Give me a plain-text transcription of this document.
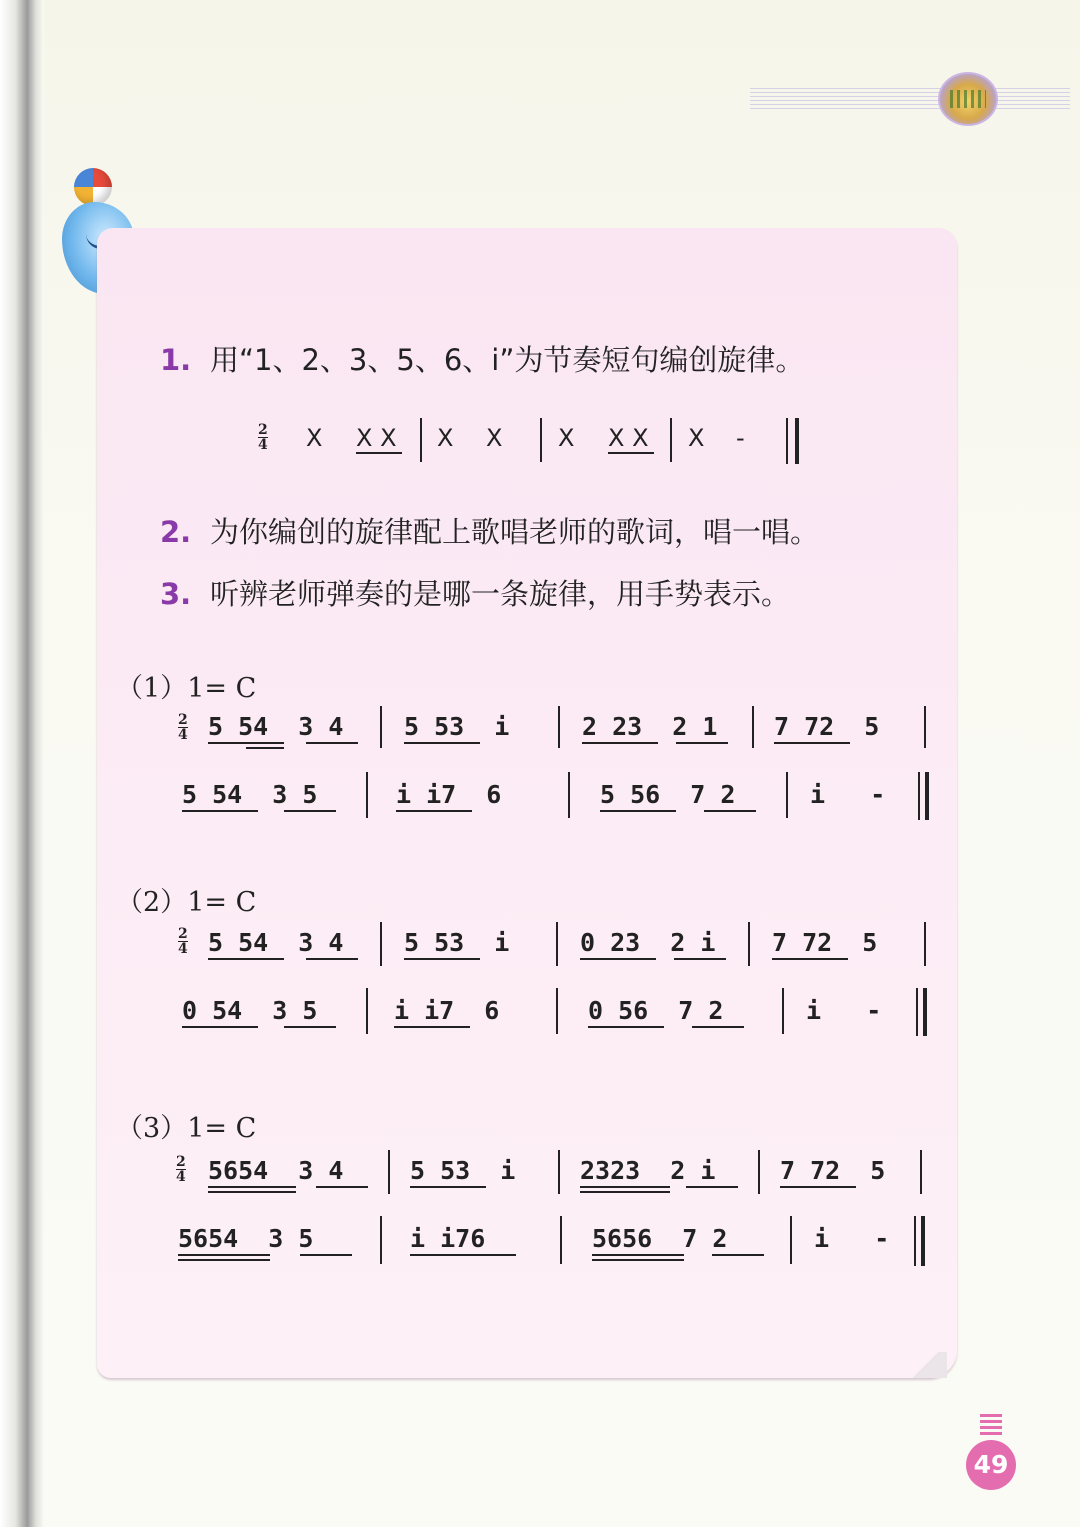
1. 用“1、2、3、5、6、i”为节奏短句编创旋律。
2
4 X X X X X X X X X -
2. 为你编创的旋律配上歌唱老师的歌词，唱一唱。
3. 听辨老师弹奏的是哪一条旋律，用手势表示。
（1）1= C
2
4 5 54  3 4 5 53  i	2 23  2 1 7 72  5
5 54  3 5	i i7  6	5 56  7 2	i   -
（2）1= C
2
4 5 54  3 4 5 53  i	0 23  2 i 7 72  5
0 54  3 5	i i7  6	0 56  7 2	i   -
（3）1= C
2
4 5654  3 4	5 53  i	2323  2 i	7 72  5
5654  3 5	i i76	5656  7 2	i   -
49
